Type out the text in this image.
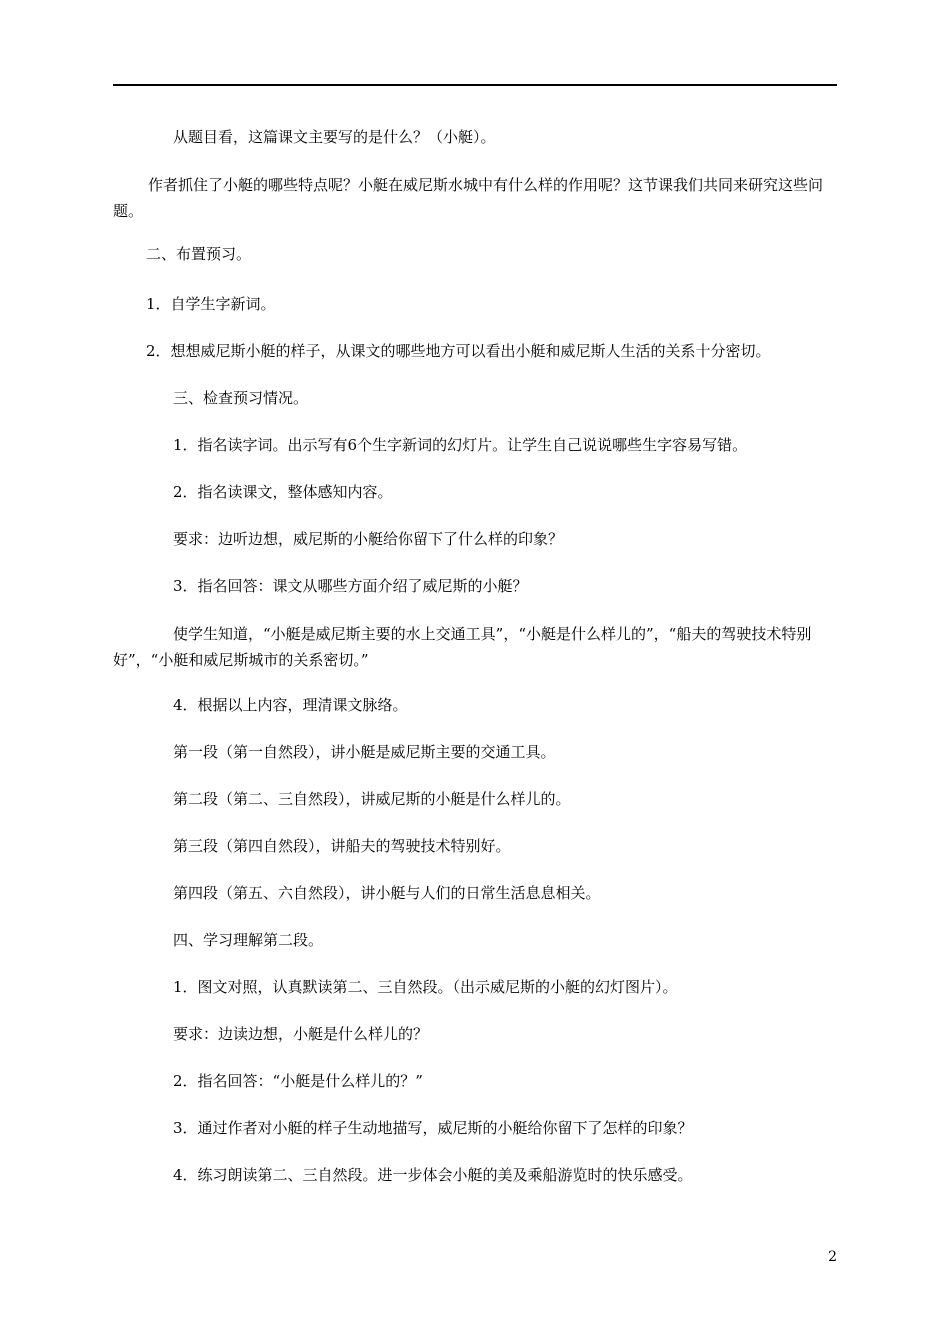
从题目看，这篇课文主要写的是什么？（小艇）。

作者抓住了小艇的哪些特点呢？小艇在威尼斯水城中有什么样的作用呢？这节课我们共同来研究这些问题。

二、布置预习。

1．自学生字新词。

2．想想威尼斯小艇的样子，从课文的哪些地方可以看出小艇和威尼斯人生活的关系十分密切。

三、检查预习情况。

1．指名读字词。出示写有6个生字新词的幻灯片。让学生自己说说哪些生字容易写错。

2．指名读课文，整体感知内容。

要求：边听边想，威尼斯的小艇给你留下了什么样的印象？

3．指名回答：课文从哪些方面介绍了威尼斯的小艇？

使学生知道，“小艇是威尼斯主要的水上交通工具”，“小艇是什么样儿的”，“船夫的驾驶技术特别好”，“小艇和威尼斯城市的关系密切。”

4．根据以上内容，理清课文脉络。

第一段（第一自然段），讲小艇是威尼斯主要的交通工具。

第二段（第二、三自然段），讲威尼斯的小艇是什么样儿的。

第三段（第四自然段），讲船夫的驾驶技术特别好。

第四段（第五、六自然段），讲小艇与人们的日常生活息息相关。

四、学习理解第二段。

1．图文对照，认真默读第二、三自然段。（出示威尼斯的小艇的幻灯图片）。

要求：边读边想，小艇是什么样儿的？

2．指名回答：“小艇是什么样儿的？”

3．通过作者对小艇的样子生动地描写，威尼斯的小艇给你留下了怎样的印象？

4．练习朗读第二、三自然段。进一步体会小艇的美及乘船游览时的快乐感受。

2
